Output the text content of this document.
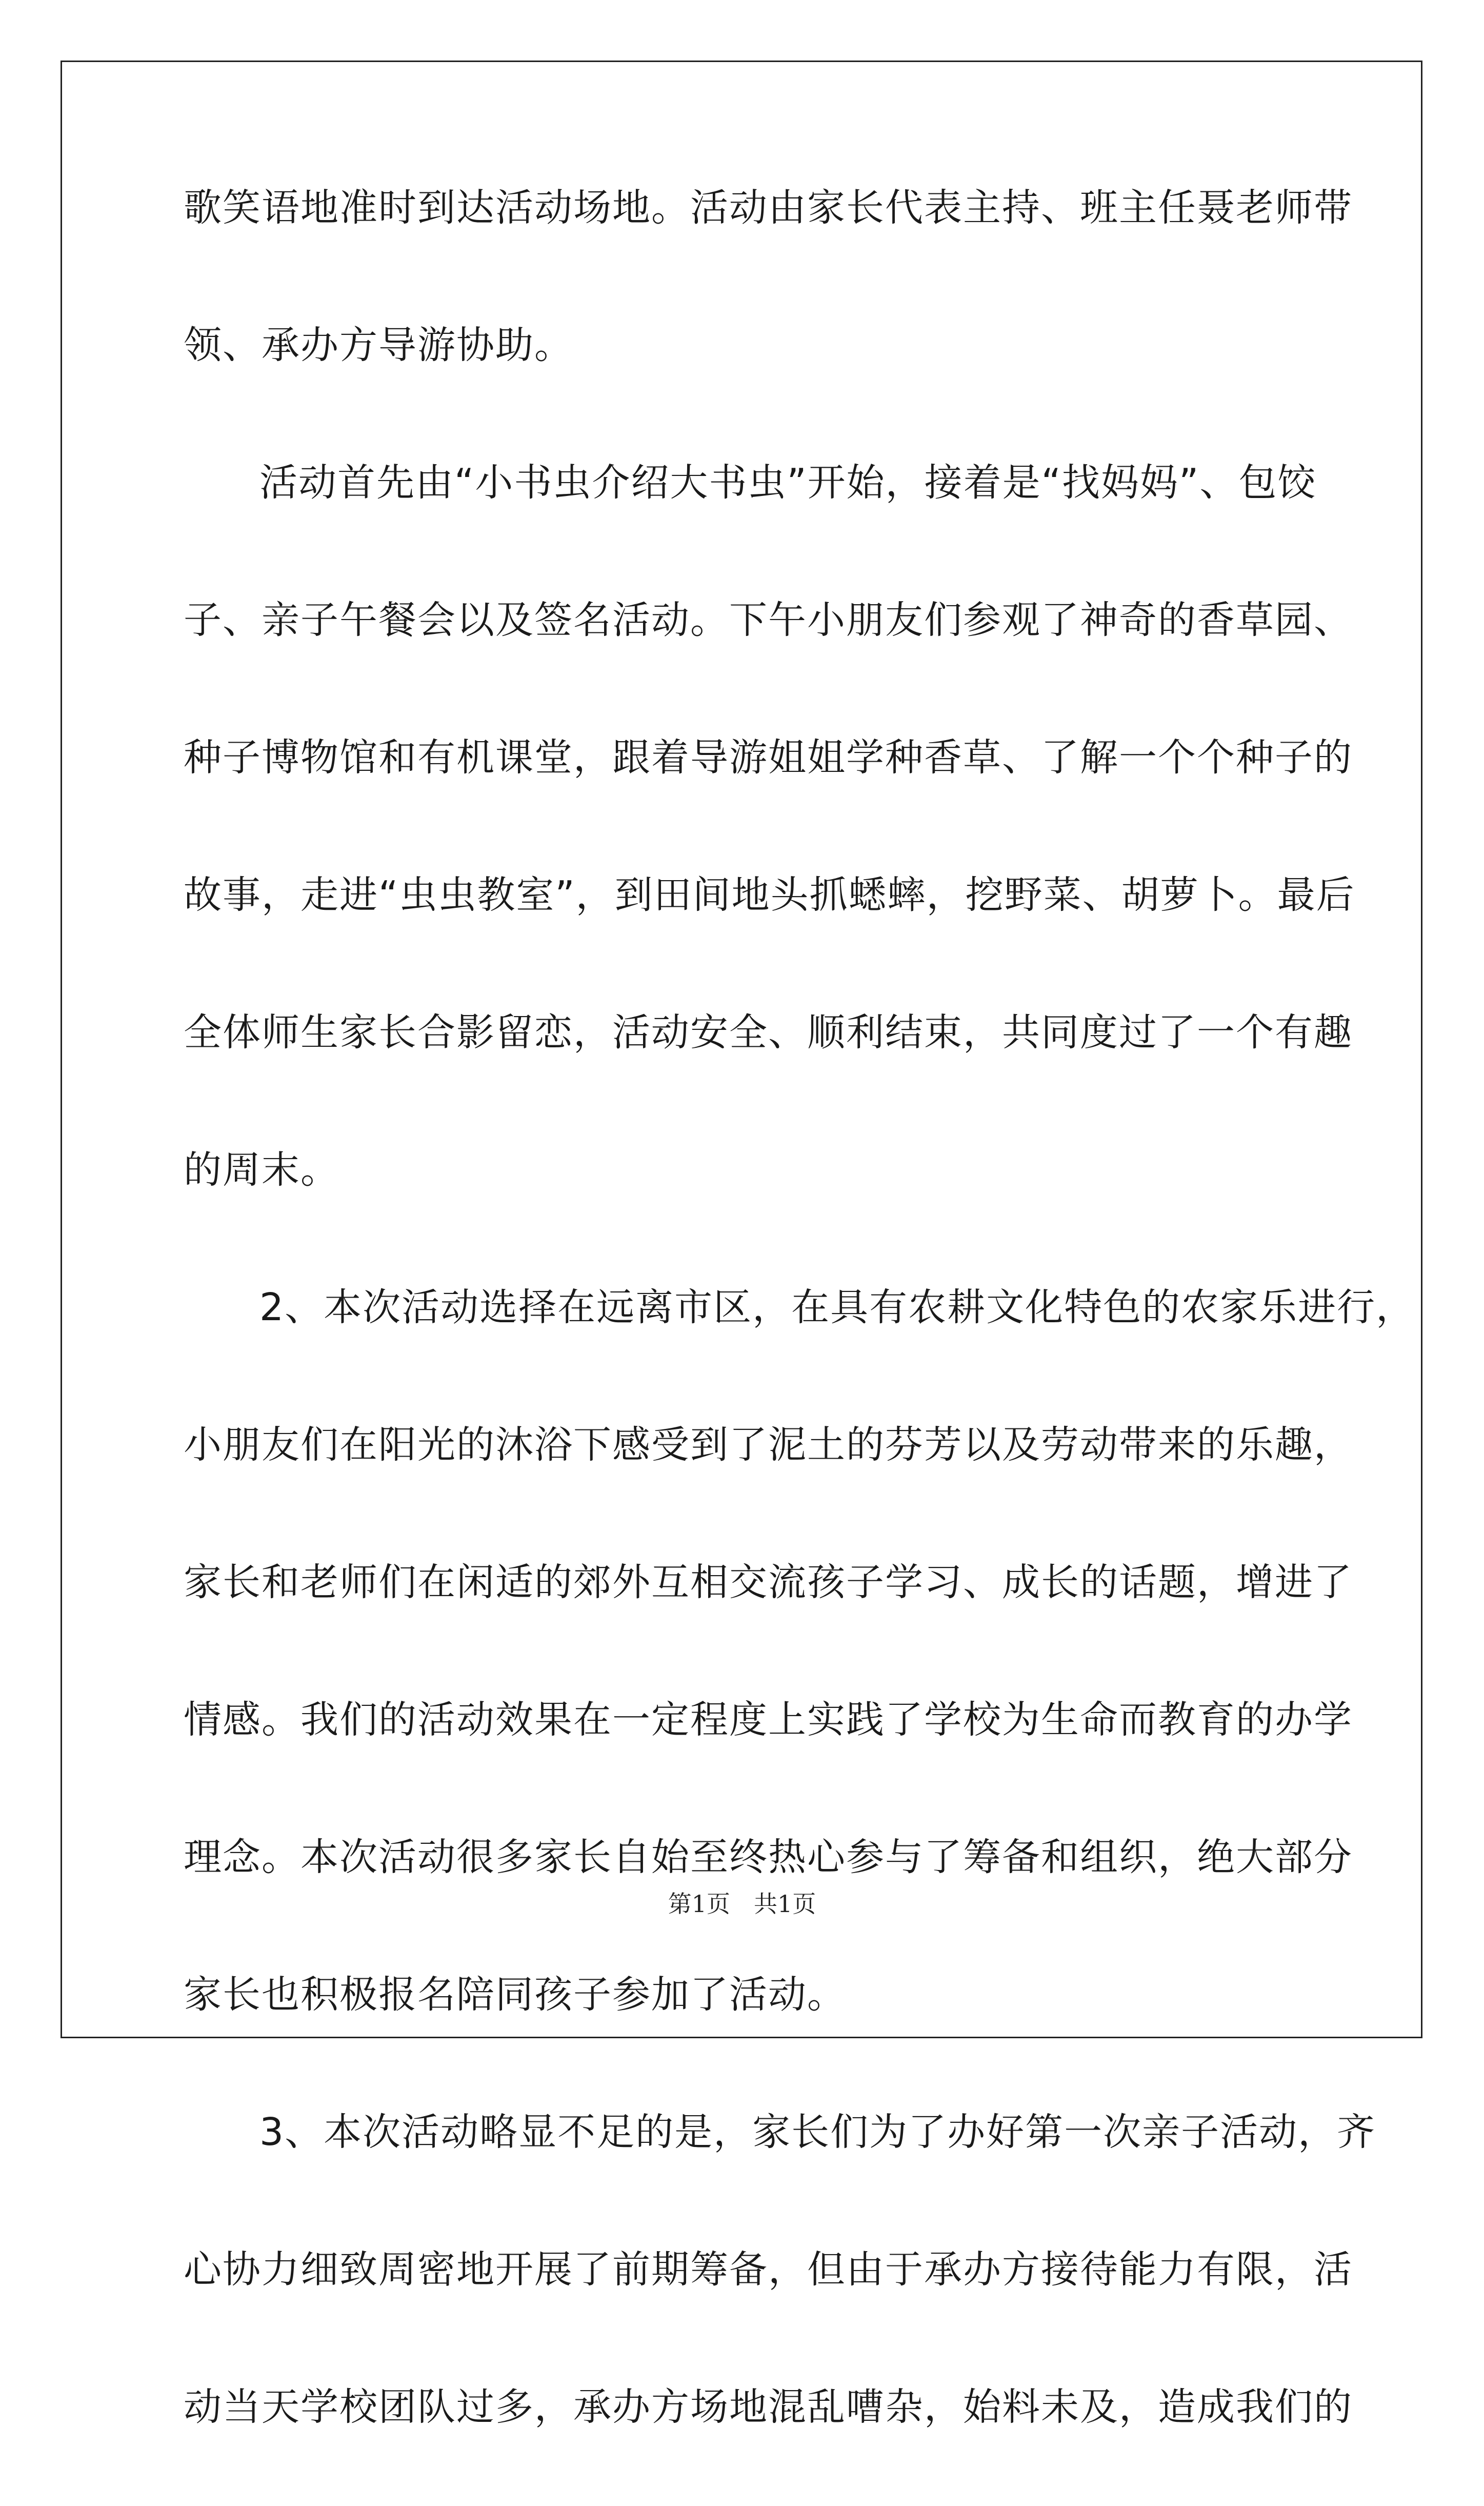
歌笑语地准时到达活动场地。活动由家长代表主持、班主任聂老师带
领、承办方导游协助。
活动首先由“小书虫介绍大书虫”开始，接着是“找妈妈”、包饺
子、亲子午餐会以及签名活动。下午小朋友们参观了神奇的香草园、
种子博物馆和有机课堂，跟着导游姐姐学种香草、了解一个个种子的
故事，走进“虫虫教室”，到田间地头抓蟋蟀，挖野菜、胡萝卜。最后
全体师生家长合影留恋，活动安全、顺利结束，共同度过了一个有趣
的周末。
2、本次活动选择在远离市区，在具有农耕文化特色的农家乐进行，
小朋友们在阳光的沐浴下感受到了泥土的芬芳以及劳动带来的乐趣，
家长和老师们在闲适的郊外互相交流孩子学习、成长的话题，增进了
情感。我们的活动效果在一定程度上实践了学校为生命而教育的办学
理念。本次活动很多家长自始至终热心参与了筹备和组织，绝大部分
家长也积极报名陪同孩子参加了活动。
3、本次活动略显不足的是，家长们为了办好第一次亲子活动，齐
心协力细致周密地开展了前期筹备，但由于承办方接待能力有限，活
动当天学校团队过多，承办方场地混乱嘈杂，始料未及，造成我们的
第1页　共1页
